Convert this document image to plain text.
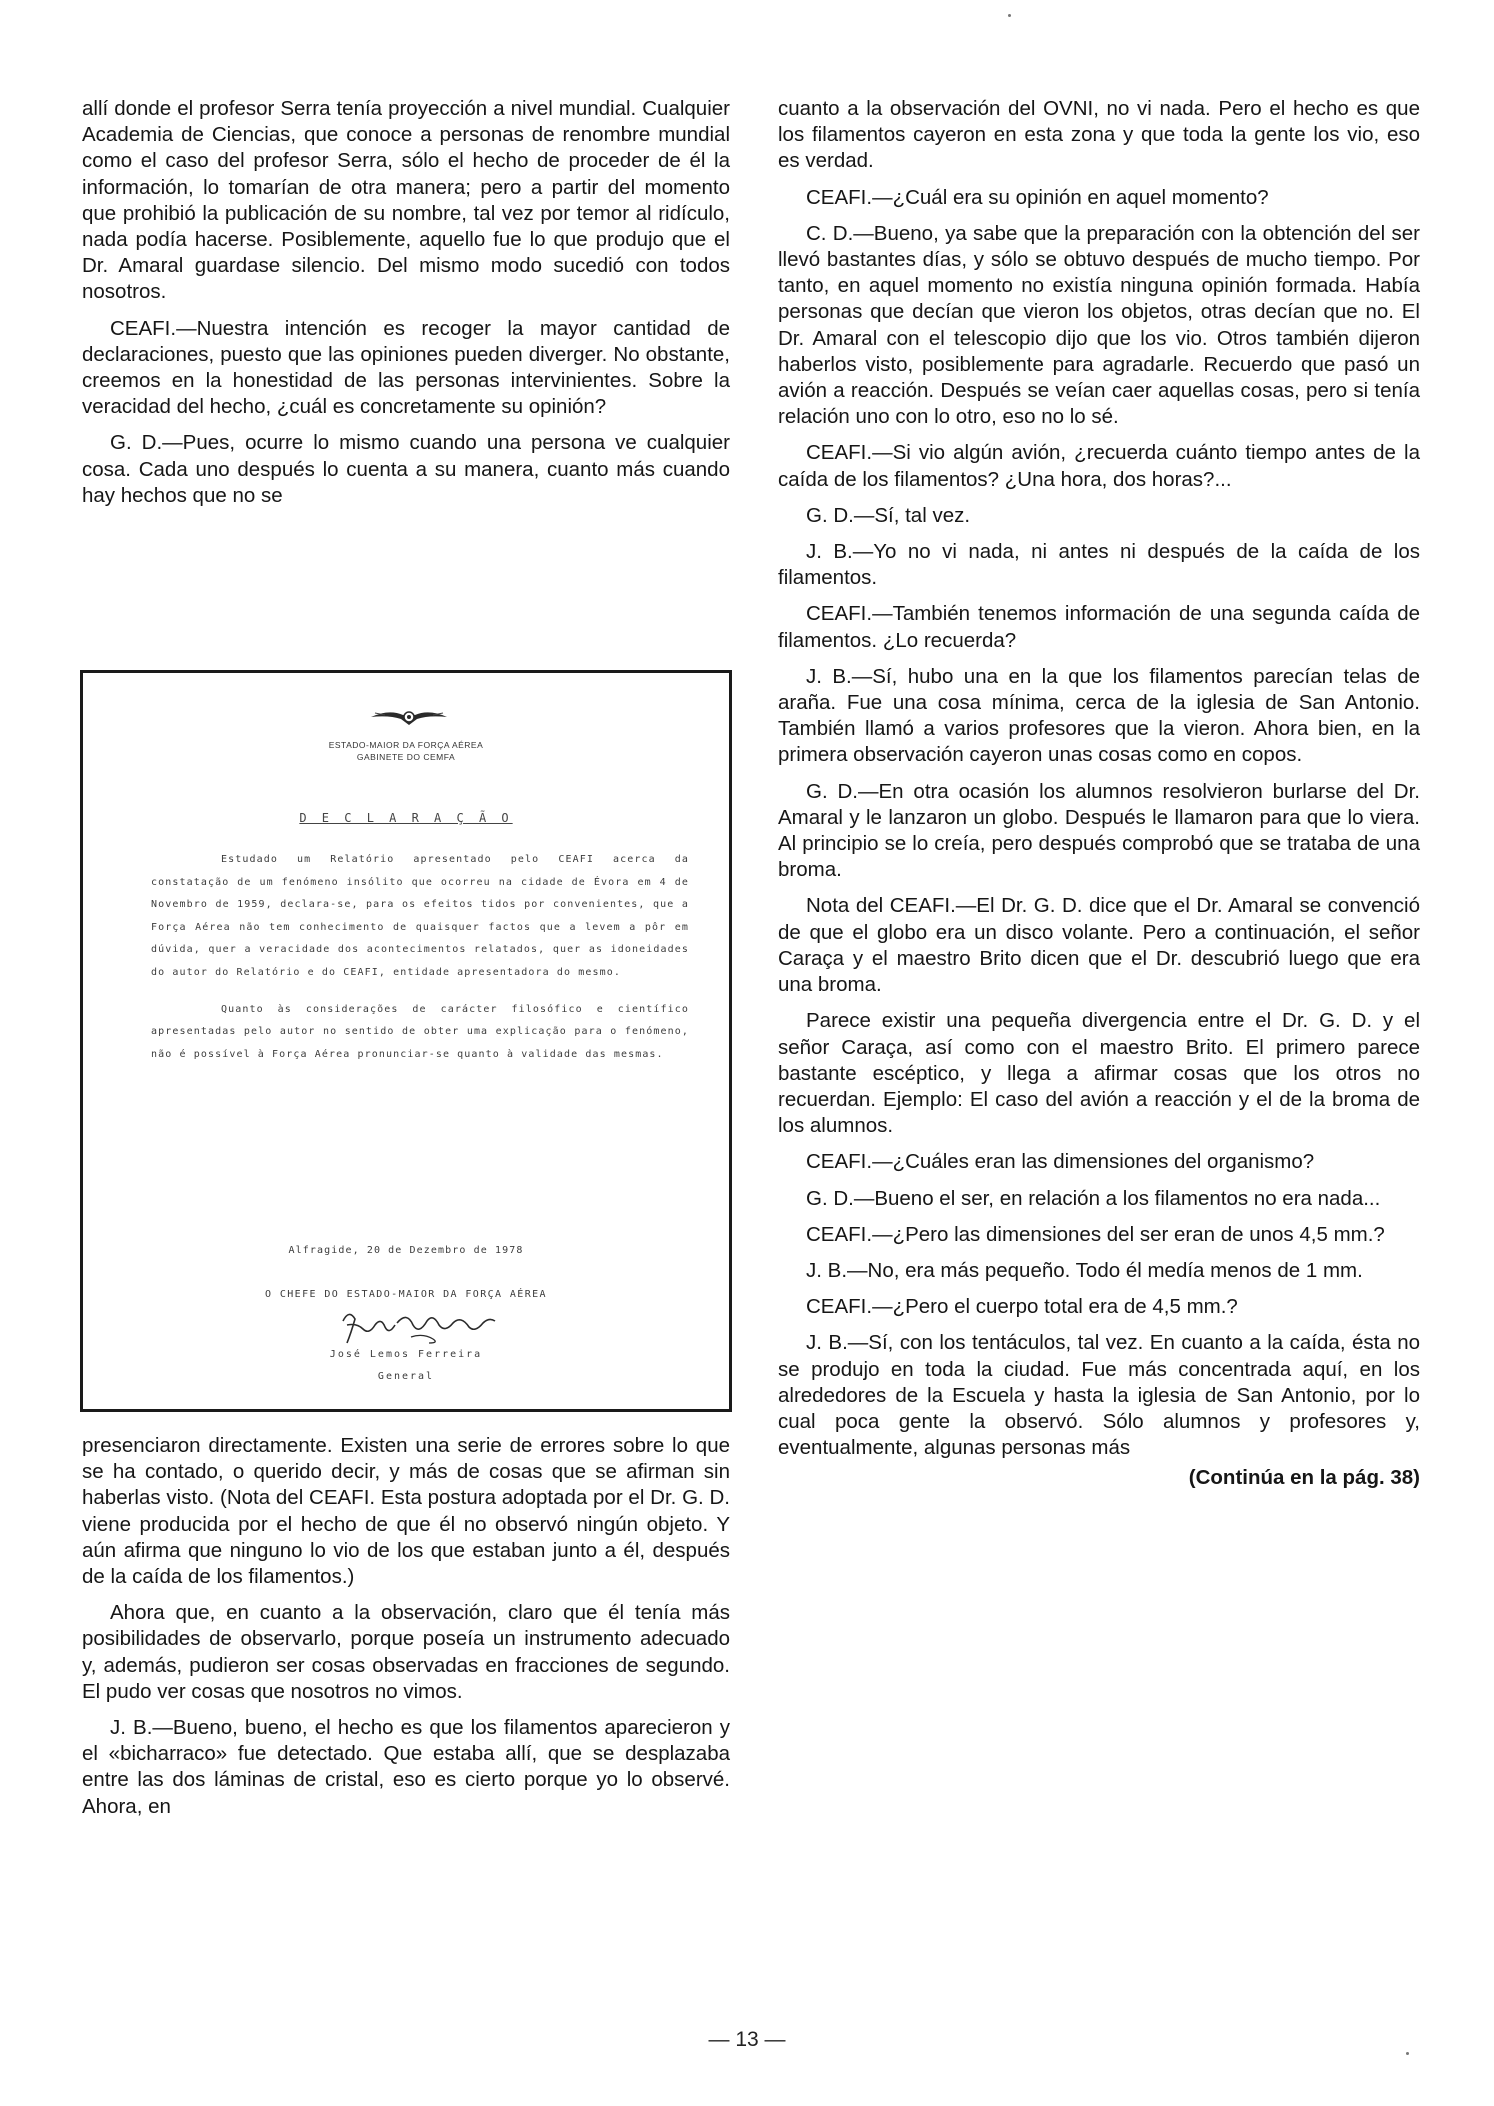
allí donde el profesor Serra tenía proyección a nivel mundial. Cualquier Academia de Ciencias, que conoce a personas de renombre mundial como el caso del profesor Serra, sólo el hecho de proceder de él la información, lo tomarían de otra manera; pero a partir del momento que prohibió la publicación de su nombre, tal vez por temor al ridículo, nada podía hacerse. Posiblemente, aquello fue lo que produjo que el Dr. Amaral guardase silencio. Del mismo modo sucedió con todos nosotros.

CEAFI.—Nuestra intención es recoger la mayor cantidad de declaraciones, puesto que las opiniones pueden diverger. No obstante, creemos en la honestidad de las personas intervinientes. Sobre la veracidad del hecho, ¿cuál es concretamente su opinión?

G. D.—Pues, ocurre lo mismo cuando una persona ve cualquier cosa. Cada uno después lo cuenta a su manera, cuanto más cuando hay hechos que no se

ESTADO-MAIOR DA FORÇA AÉREA
GABINETE DO CEMFA
D E C L A R A Ç Ã O

Estudado um Relatório apresentado pelo CEAFI acerca da constatação de um fenómeno insólito que ocorreu na cidade de Évora em 4 de Novembro de 1959, declara-se, para os efeitos tidos por convenientes, que a Força Aérea não tem conhecimento de quaisquer factos que a levem a pôr em dúvida, quer a veracidade dos acontecimentos relatados, quer as idoneidades do autor do Relatório e do CEAFI, entidade apresentadora do mesmo.

Quanto às considerações de carácter filosófico e científico apresentadas pelo autor no sentido de obter uma explicação para o fenómeno, não é possível à Força Aérea pronunciar-se quanto à validade das mesmas.

Alfragide, 20 de Dezembro de 1978
O CHEFE DO ESTADO-MAIOR DA FORÇA AÉREA
José Lemos Ferreira
General

presenciaron directamente. Existen una serie de errores sobre lo que se ha contado, o querido decir, y más de cosas que se afirman sin haberlas visto. (Nota del CEAFI. Esta postura adoptada por el Dr. G. D. viene producida por el hecho de que él no observó ningún objeto. Y aún afirma que ninguno lo vio de los que estaban junto a él, después de la caída de los filamentos.)

Ahora que, en cuanto a la observación, claro que él tenía más posibilidades de observarlo, porque poseía un instrumento adecuado y, además, pudieron ser cosas observadas en fracciones de segundo. El pudo ver cosas que nosotros no vimos.

J. B.—Bueno, bueno, el hecho es que los filamentos aparecieron y el «bicharraco» fue detectado. Que estaba allí, que se desplazaba entre las dos láminas de cristal, eso es cierto porque yo lo observé. Ahora, en

cuanto a la observación del OVNI, no vi nada. Pero el hecho es que los filamentos cayeron en esta zona y que toda la gente los vio, eso es verdad.

CEAFI.—¿Cuál era su opinión en aquel momento?

C. D.—Bueno, ya sabe que la preparación con la obtención del ser llevó bastantes días, y sólo se obtuvo después de mucho tiempo. Por tanto, en aquel momento no existía ninguna opinión formada. Había personas que decían que vieron los objetos, otras decían que no. El Dr. Amaral con el telescopio dijo que los vio. Otros también dijeron haberlos visto, posiblemente para agradarle. Recuerdo que pasó un avión a reacción. Después se veían caer aquellas cosas, pero si tenía relación uno con lo otro, eso no lo sé.

CEAFI.—Si vio algún avión, ¿recuerda cuánto tiempo antes de la caída de los filamentos? ¿Una hora, dos horas?...

G. D.—Sí, tal vez.

J. B.—Yo no vi nada, ni antes ni después de la caída de los filamentos.

CEAFI.—También tenemos información de una segunda caída de filamentos. ¿Lo recuerda?

J. B.—Sí, hubo una en la que los filamentos parecían telas de araña. Fue una cosa mínima, cerca de la iglesia de San Antonio. También llamó a varios profesores que la vieron. Ahora bien, en la primera observación cayeron unas cosas como en copos.

G. D.—En otra ocasión los alumnos resolvieron burlarse del Dr. Amaral y le lanzaron un globo. Después le llamaron para que lo viera. Al principio se lo creía, pero después comprobó que se trataba de una broma.

Nota del CEAFI.—El Dr. G. D. dice que el Dr. Amaral se convenció de que el globo era un disco volante. Pero a continuación, el señor Caraça y el maestro Brito dicen que el Dr. descubrió luego que era una broma.

Parece existir una pequeña divergencia entre el Dr. G. D. y el señor Caraça, así como con el maestro Brito. El primero parece bastante escéptico, y llega a afirmar cosas que los otros no recuerdan. Ejemplo: El caso del avión a reacción y el de la broma de los alumnos.

CEAFI.—¿Cuáles eran las dimensiones del organismo?

G. D.—Bueno el ser, en relación a los filamentos no era nada...

CEAFI.—¿Pero las dimensiones del ser eran de unos 4,5 mm.?

J. B.—No, era más pequeño. Todo él medía menos de 1 mm.

CEAFI.—¿Pero el cuerpo total era de 4,5 mm.?

J. B.—Sí, con los tentáculos, tal vez. En cuanto a la caída, ésta no se produjo en toda la ciudad. Fue más concentrada aquí, en los alrededores de la Escuela y hasta la iglesia de San Antonio, por lo cual poca gente la observó. Sólo alumnos y profesores y, eventualmente, algunas personas más

(Continúa en la pág. 38)
— 13 —
